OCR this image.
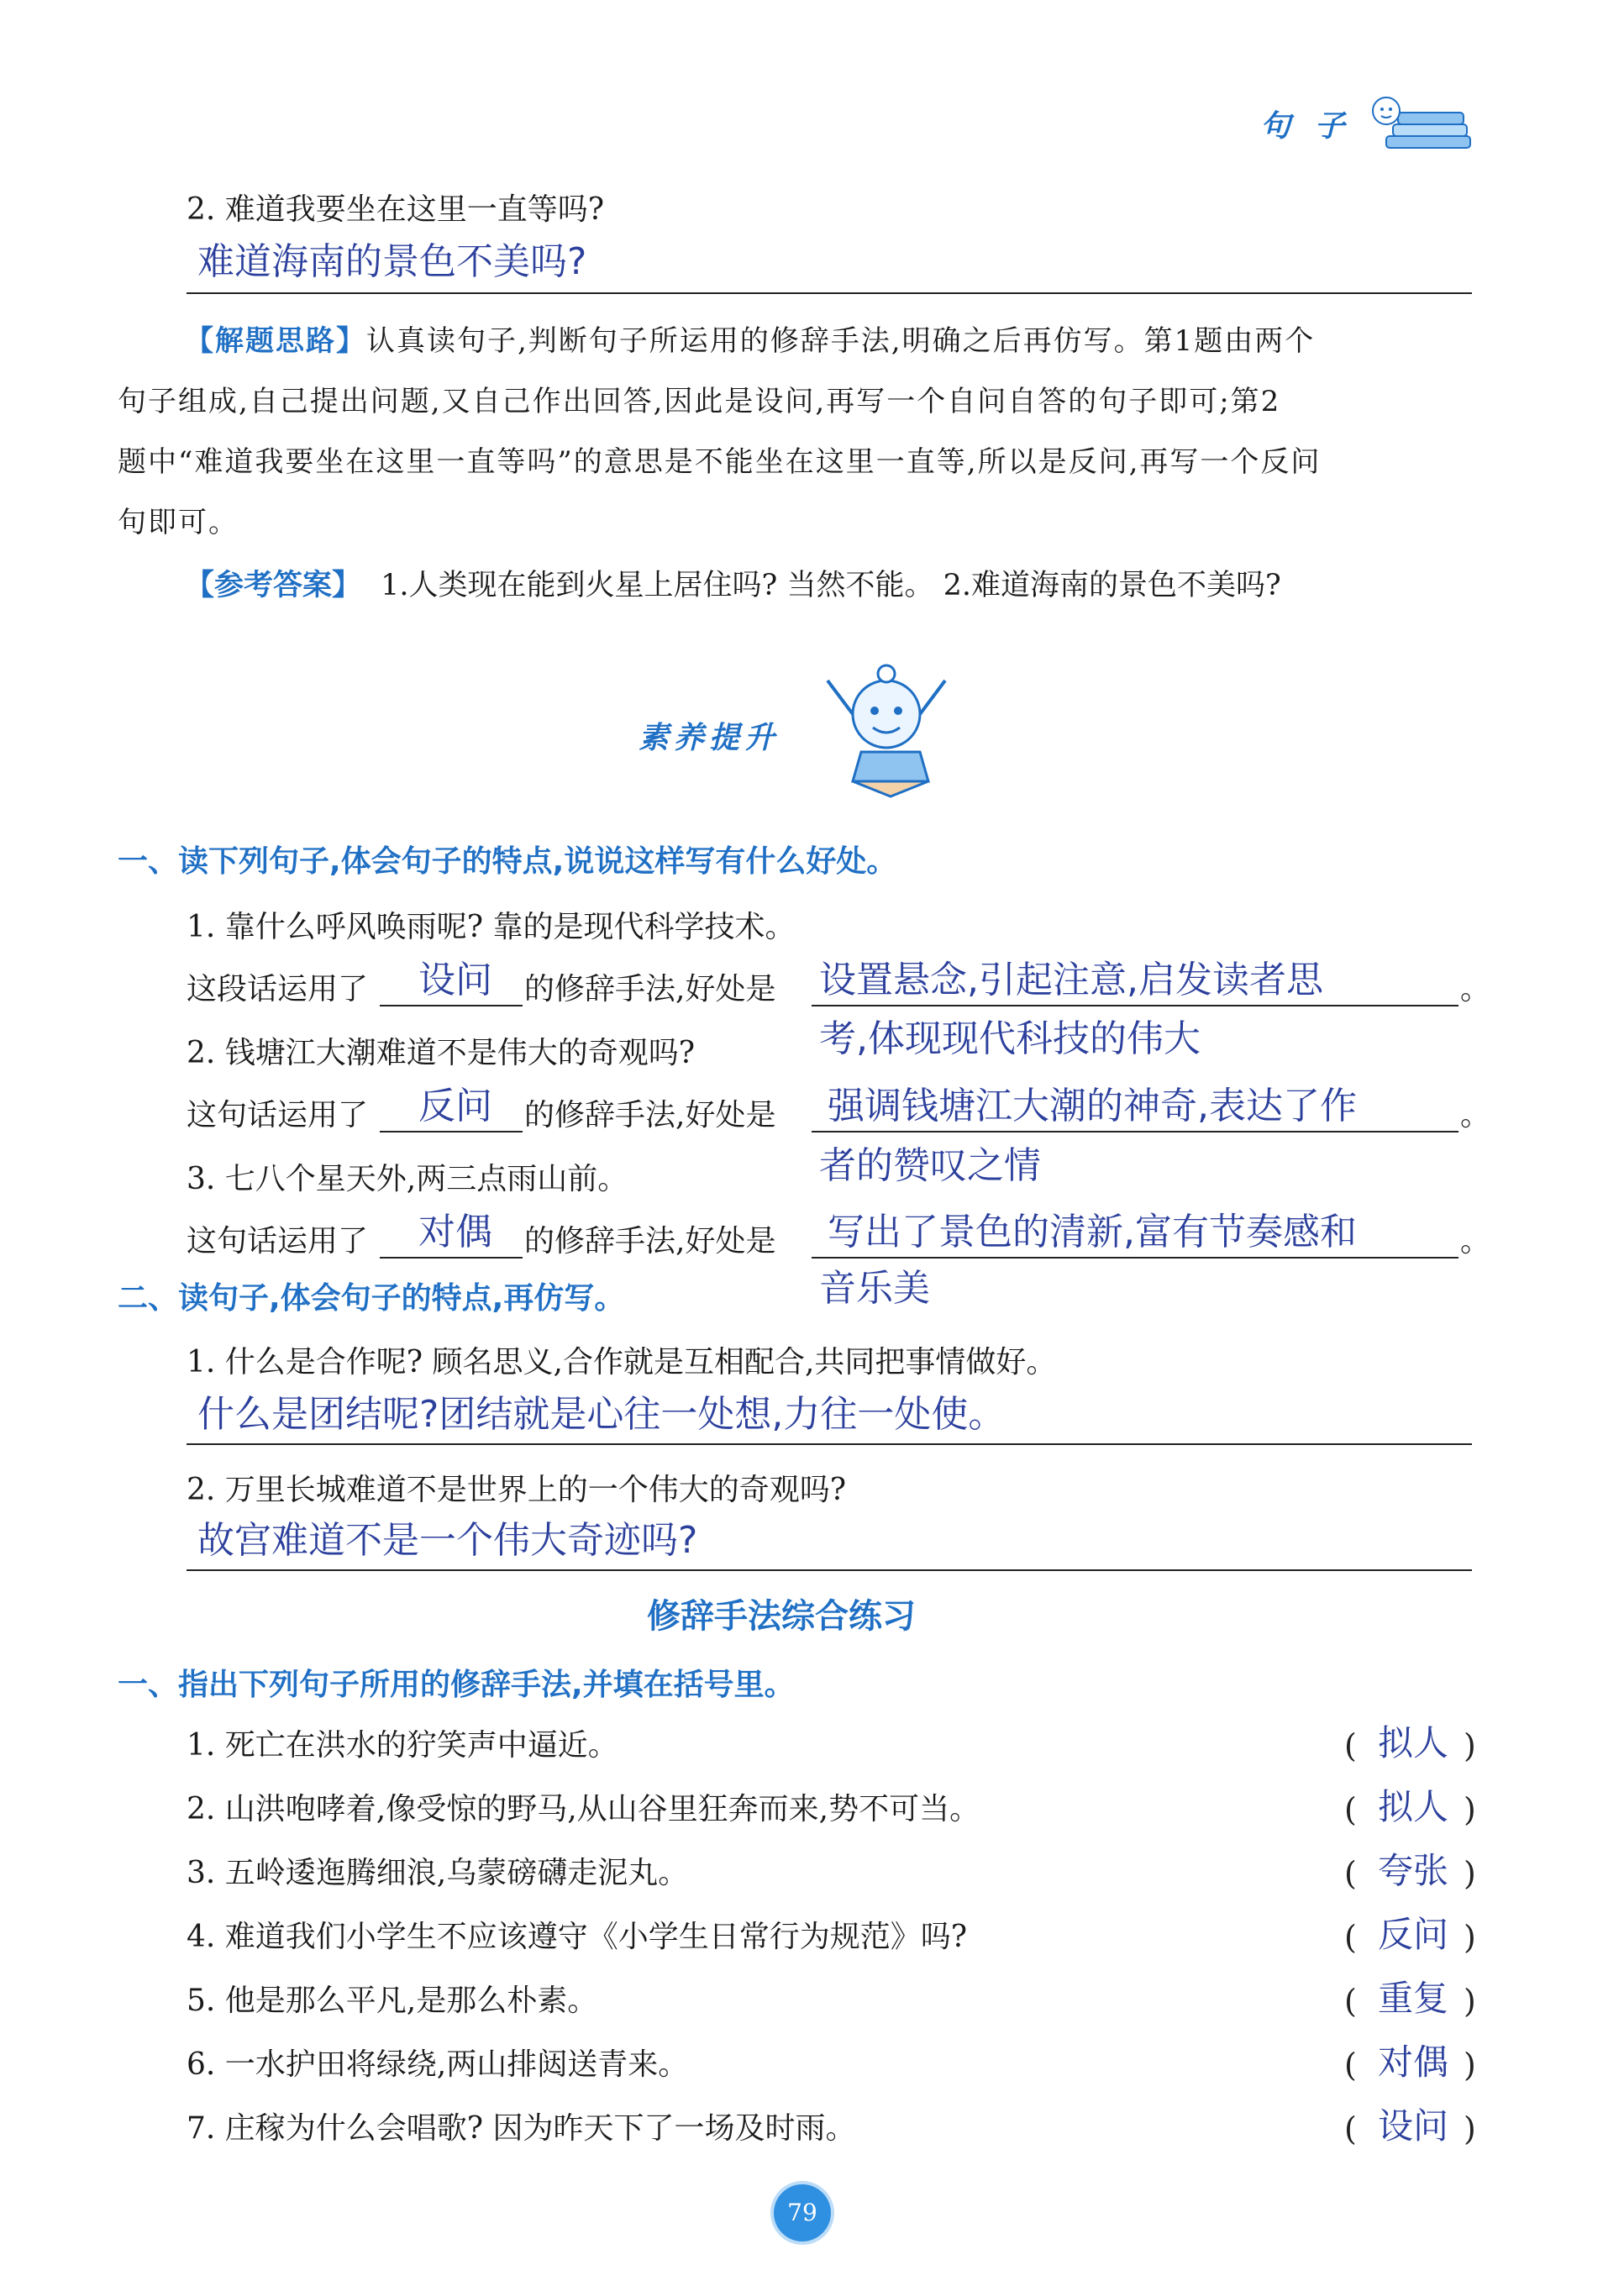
句 子
2. 难道我要坐在这里一直等吗?
难道海南的景色不美吗?
【解题思路】认真读句子,判断句子所运用的修辞手法,明确之后再仿写。第1题由两个
句子组成,自己提出问题,又自己作出回答,因此是设问,再写一个自问自答的句子即可;第2
题中“难道我要坐在这里一直等吗”的意思是不能坐在这里一直等,所以是反问,再写一个反问
句即可。
【参考答案】 1.人类现在能到火星上居住吗? 当然不能。 2.难道海南的景色不美吗?
素养提升
一、读下列句子,体会句子的特点,说说这样写有什么好处。
1. 靠什么呼风唤雨呢? 靠的是现代科学技术。
这段话运用了 设问 的修辞手法,好处是 设置悬念,引起注意,启发读者思	。
考,体现现代科技的伟大
2. 钱塘江大潮难道不是伟大的奇观吗?
这句话运用了 反问 的修辞手法,好处是 强调钱塘江大潮的神奇,表达了作	。
者的赞叹之情
3. 七八个星天外,两三点雨山前。
这句话运用了 对偶 的修辞手法,好处是 写出了景色的清新,富有节奏感和	。
音乐美
二、读句子,体会句子的特点,再仿写。
1. 什么是合作呢? 顾名思义,合作就是互相配合,共同把事情做好。
什么是团结呢?团结就是心往一处想,力往一处使。
2. 万里长城难道不是世界上的一个伟大的奇观吗?
故宫难道不是一个伟大奇迹吗?
修辞手法综合练习
一、指出下列句子所用的修辞手法,并填在括号里。
1. 死亡在洪水的狞笑声中逼近。	( 拟人 )
2. 山洪咆哮着,像受惊的野马,从山谷里狂奔而来,势不可当。	( 拟人 )
3. 五岭逶迤腾细浪,乌蒙磅礴走泥丸。	( 夸张 )
4. 难道我们小学生不应该遵守《小学生日常行为规范》吗?	( 反问 )
5. 他是那么平凡,是那么朴素。	( 重复 )
6. 一水护田将绿绕,两山排闼送青来。	( 对偶 )
7. 庄稼为什么会唱歌? 因为昨天下了一场及时雨。	( 设问 )
79
